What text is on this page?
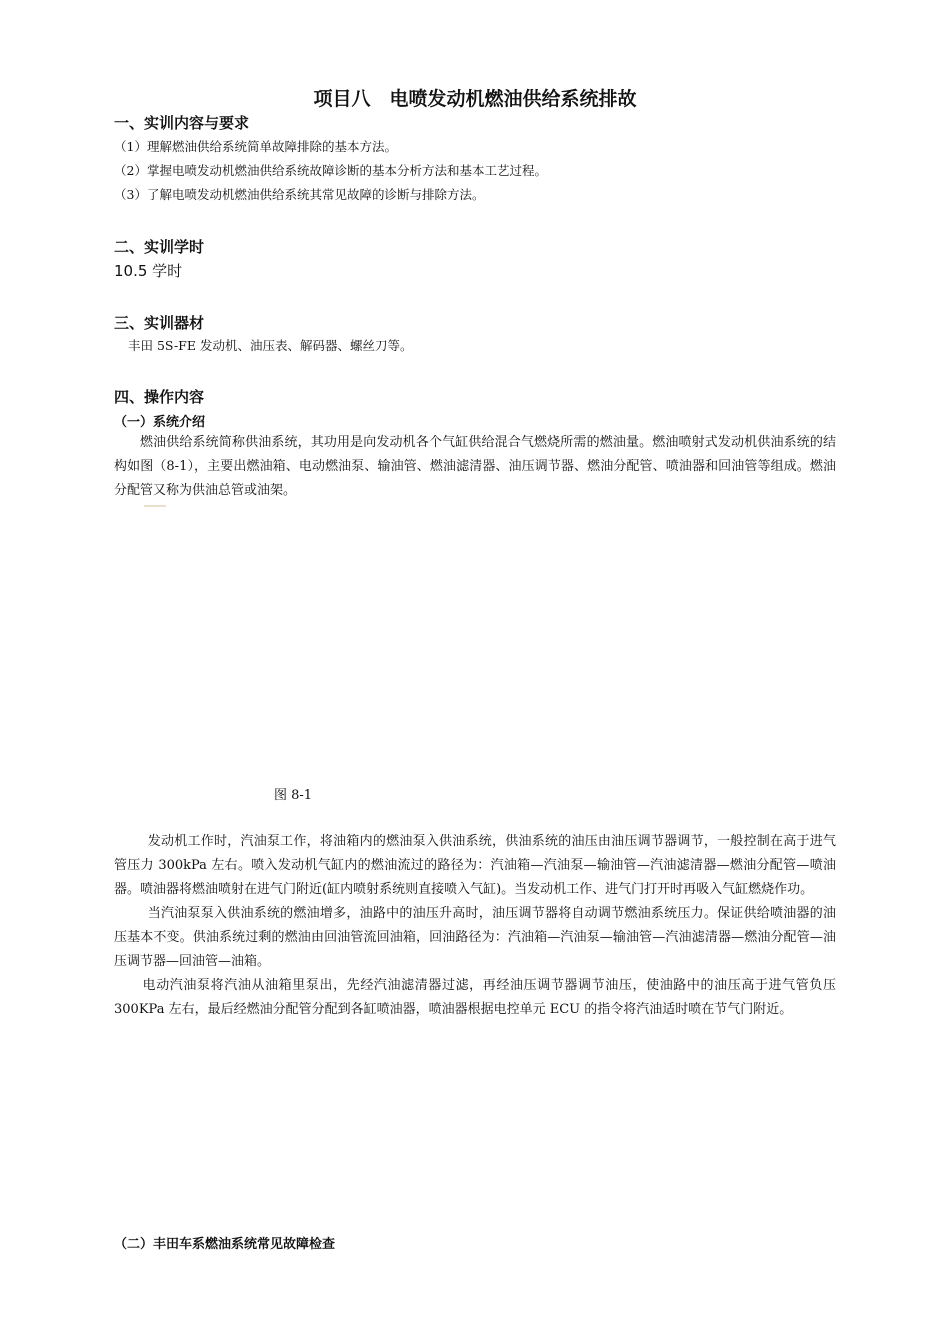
项目八　电喷发动机燃油供给系统排故
一、实训内容与要求
（1）理解燃油供给系统简单故障排除的基本方法。
（2）掌握电喷发动机燃油供给系统故障诊断的基本分析方法和基本工艺过程。
（3）了解电喷发动机燃油供给系统其常见故障的诊断与排除方法。
二、实训学时
10.5 学时
三、实训器材
丰田 5S-FE 发动机、油压表、解码器、螺丝刀等。
四、操作内容
（一）系统介绍
燃油供给系统简称供油系统，其功用是向发动机各个气缸供给混合气燃烧所需的燃油量。燃油喷射式发动机供油系统的结构如图（8-1），主要出燃油箱、电动燃油泵、输油管、燃油滤清器、油压调节器、燃油分配管、喷油器和回油管等组成。燃油分配管又称为供油总管或油架。
图 8-1

发动机工作时，汽油泵工作，将油箱内的燃油泵入供油系统，供油系统的油压由油压调节器调节，一般控制在高于进气管压力 300kPa 左右。喷入发动机气缸内的燃油流过的路径为：汽油箱—汽油泵—输油管—汽油滤清器—燃油分配管—喷油器。喷油器将燃油喷射在进气门附近(缸内喷射系统则直接喷入气缸)。当发动机工作、进气门打开时再吸入气缸燃烧作功。

当汽油泵泵入供油系统的燃油增多，油路中的油压升高时，油压调节器将自动调节燃油系统压力。保证供给喷油器的油压基本不变。供油系统过剩的燃油由回油管流回油箱，回油路径为：汽油箱—汽油泵—输油管—汽油滤清器—燃油分配管—油压调节器—回油管—油箱。

电动汽油泵将汽油从油箱里泵出，先经汽油滤清器过滤，再经油压调节器调节油压，使油路中的油压高于进气管负压 300KPa 左右，最后经燃油分配管分配到各缸喷油器，喷油器根据电控单元 ECU 的指令将汽油适时喷在节气门附近。

（二）丰田车系燃油系统常见故障检查
